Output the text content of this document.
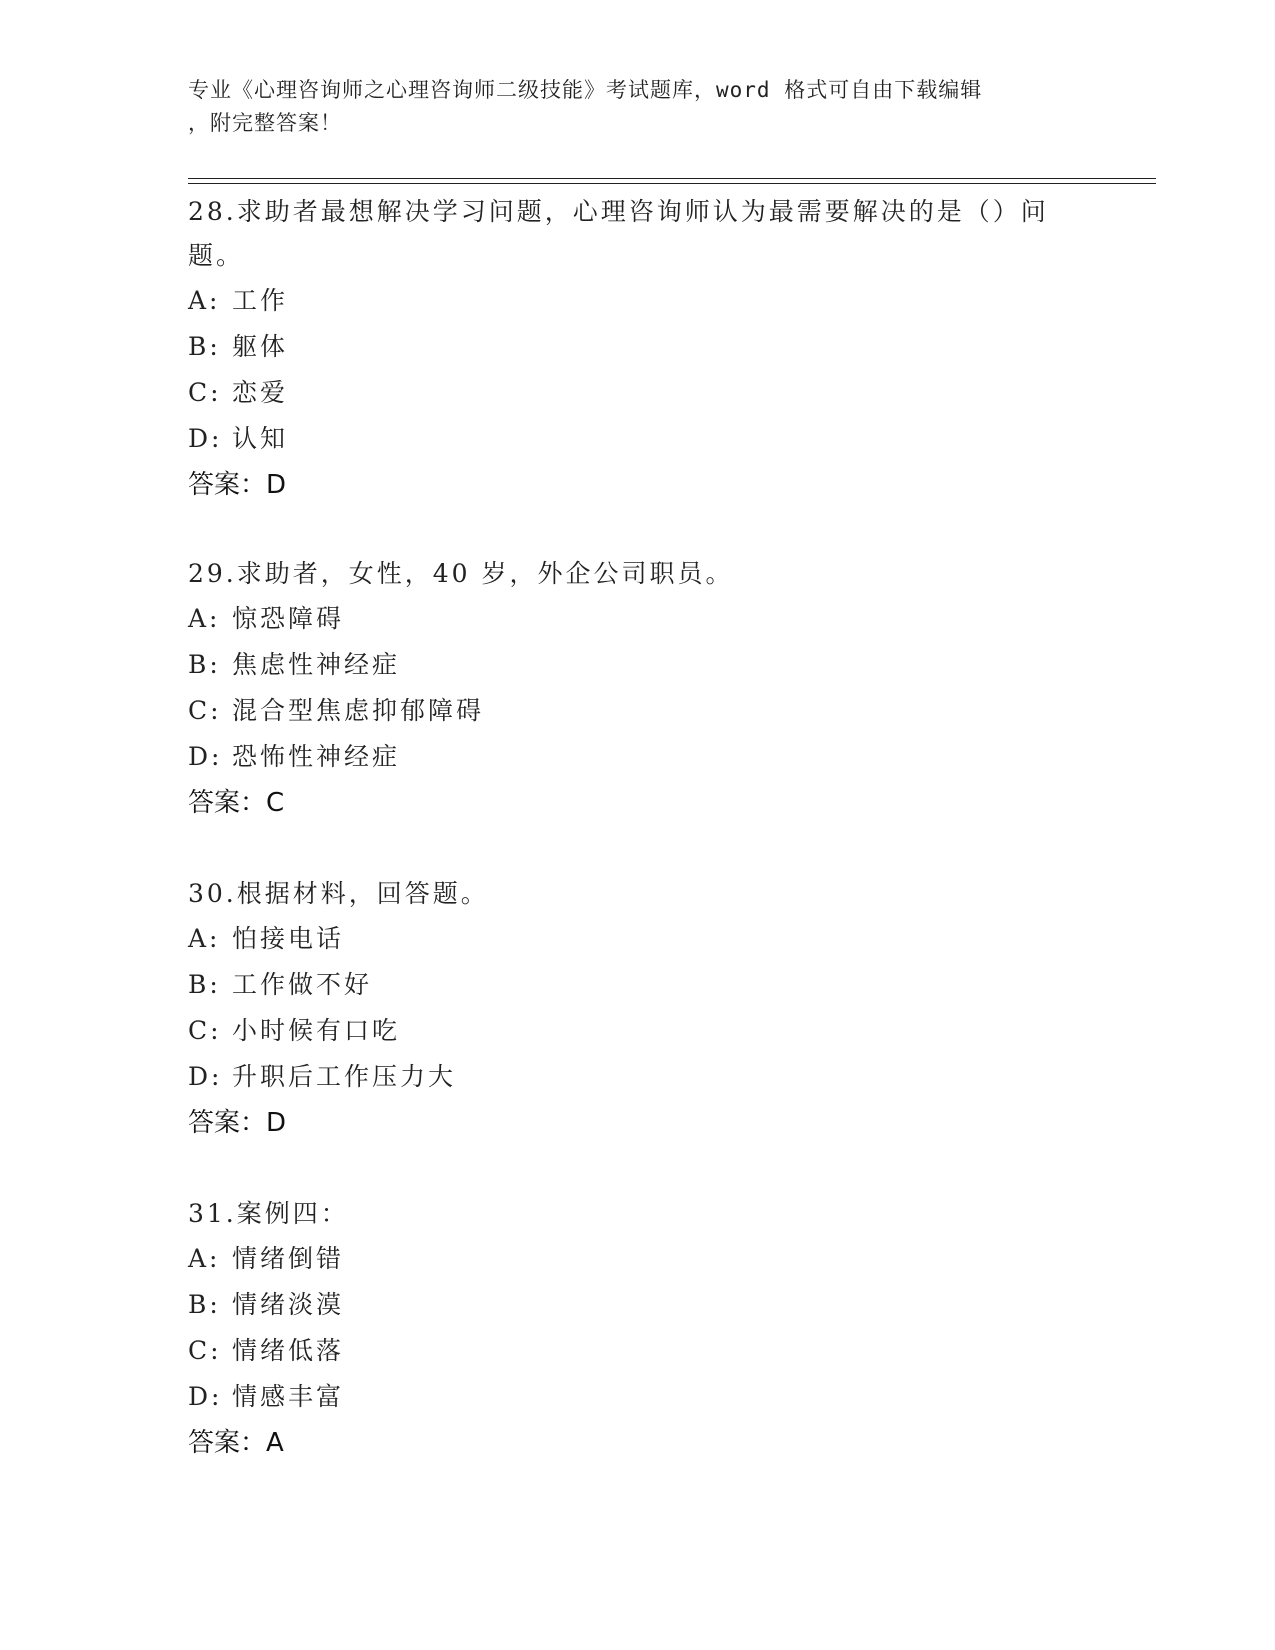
专业《心理咨询师之心理咨询师二级技能》考试题库，word 格式可自由下载编辑
，附完整答案！

28.求助者最想解决学习问题，心理咨询师认为最需要解决的是（）问题。

A: 工作

B: 躯体

C: 恋爱

D: 认知

答案：D

29.求助者，女性，40 岁，外企公司职员。

A: 惊恐障碍

B: 焦虑性神经症

C: 混合型焦虑抑郁障碍

D: 恐怖性神经症

答案：C

30.根据材料，回答题。

A: 怕接电话

B: 工作做不好

C: 小时候有口吃

D: 升职后工作压力大

答案：D

31.案例四：

A: 情绪倒错

B: 情绪淡漠

C: 情绪低落

D: 情感丰富

答案：A
